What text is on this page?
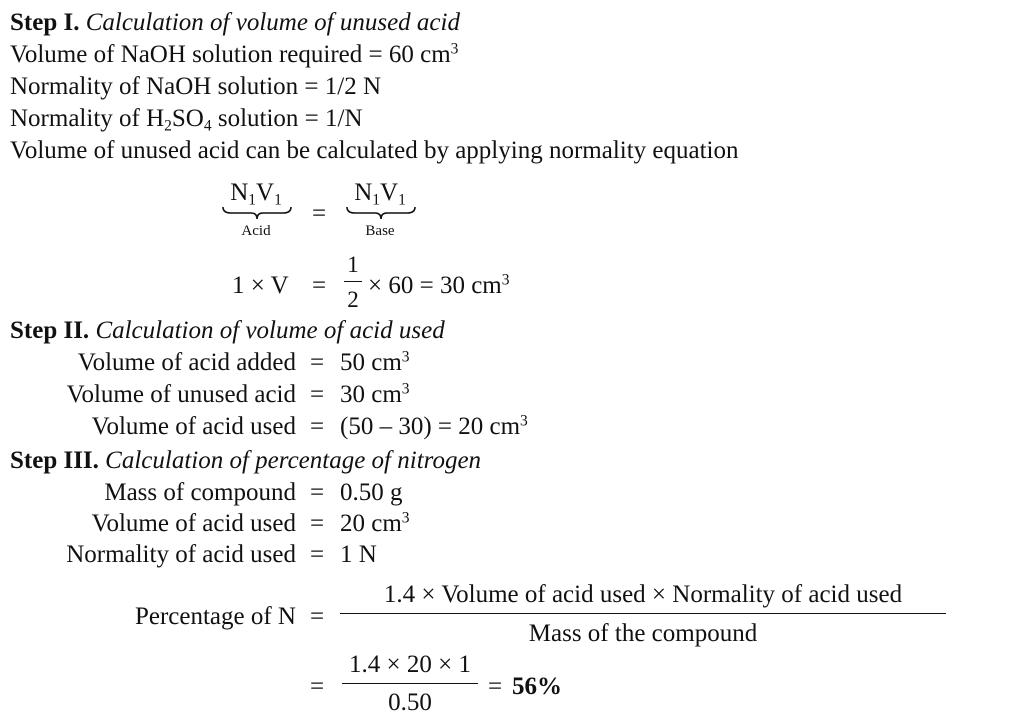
Step I. Calculation of volume of unused acid
Volume of NaOH solution required = 60 $cm^3$
Normality of NaOH solution = 1/2 N
Normality of $H_2SO_4$ solution = 1/N
Volume of unused acid can be calculated by applying normality equation
$N_1V_1$
Acid
=
$N_1V_1$
Base
1 × V =
1
2
× 60 = 30 $cm^3$
Step II. Calculation of volume of acid used
Volume of acid added = 50 $cm^3$
Volume of unused acid = 30 $cm^3$
Volume of acid used = (50 – 30) = 20 $cm^3$
Step III. Calculation of percentage of nitrogen
Mass of compound = 0.50 g
Volume of acid used = 20 $cm^3$
Normality of acid used = 1 N
Percentage of N =
1.4 × Volume of acid used × Normality of acid used
Mass of the compound
=
1.4 × 20 × 1
0.50
= 56%
